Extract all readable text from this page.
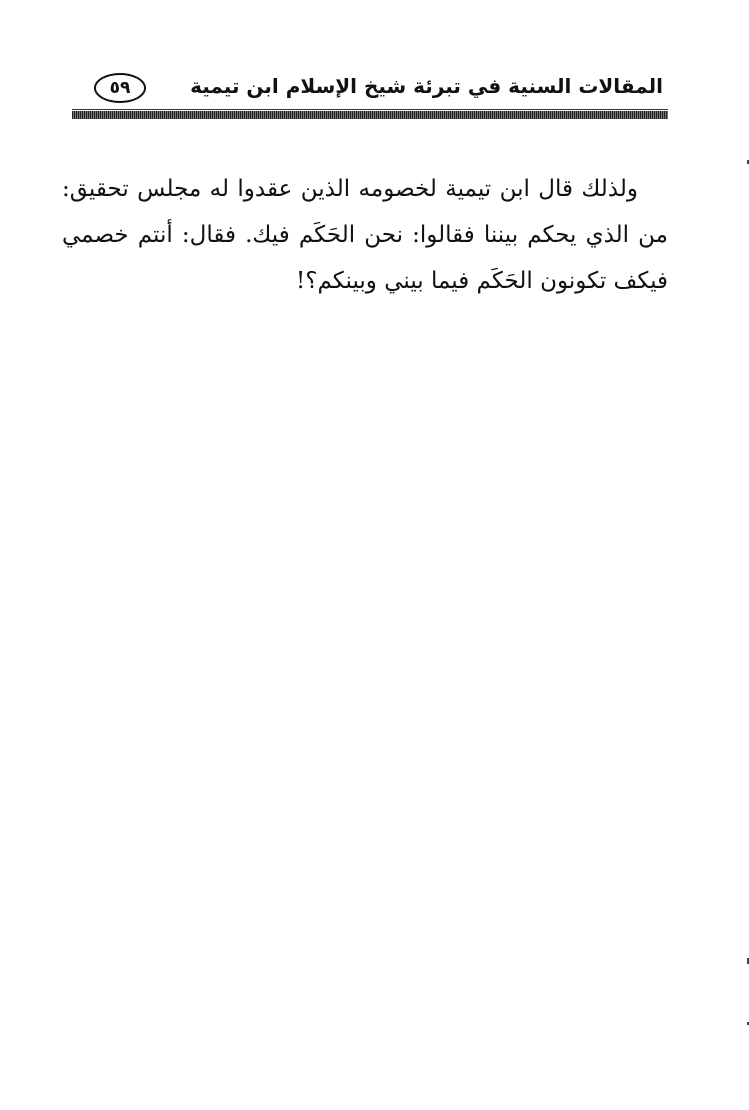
المقالات السنية في تبرئة شيخ الإسلام ابن تيمية
٥٩
ولذلك قال ابن تيمية لخصومه الذين عقدوا له مجلس تحقيق: من الذي يحكم بيننا فقالوا: نحن الحَكَم فيك. فقال: أنتم خصمي فيكف تكونون الحَكَم فيما بيني وبينكم؟!
